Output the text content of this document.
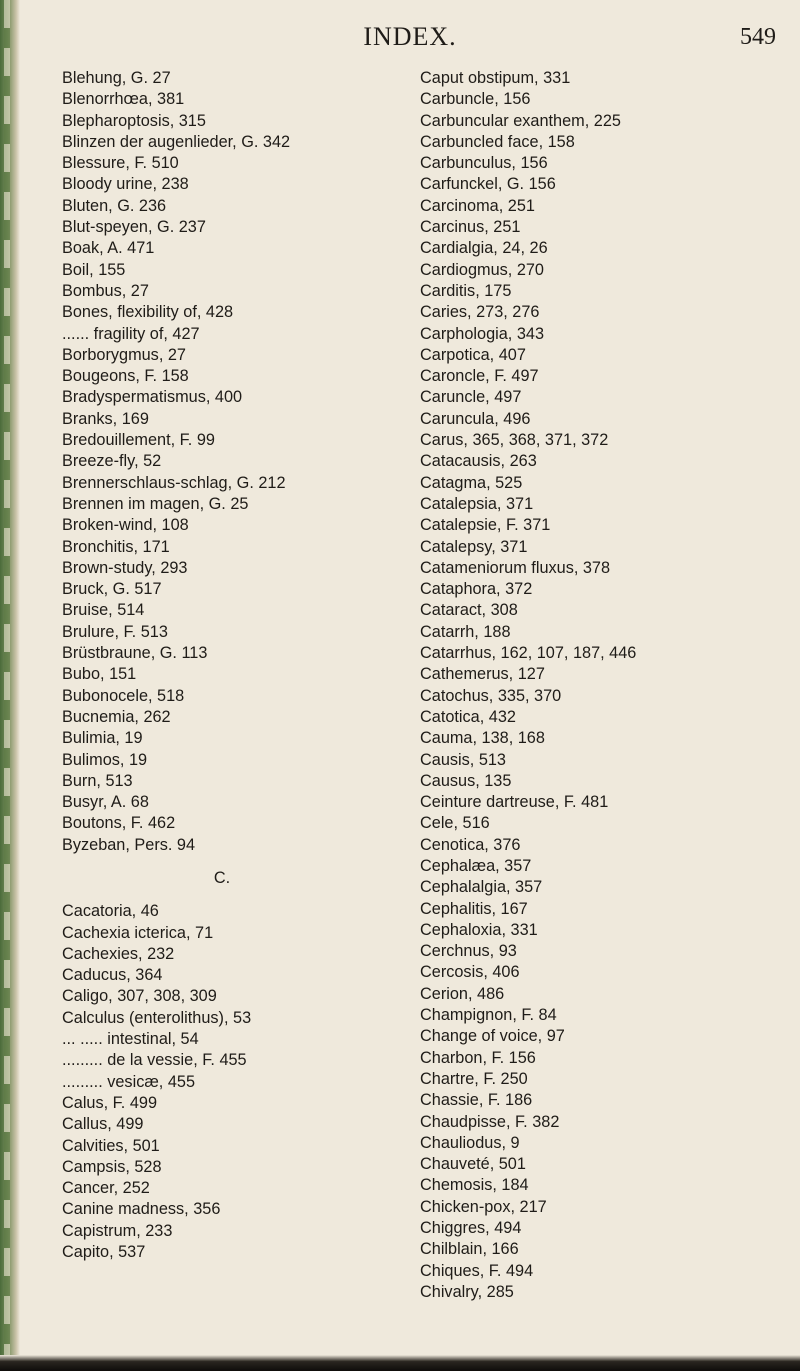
INDEX.	549
Blehung, G. 27
Blenorrhœa, 381
Blepharoptosis, 315
Blinzen der augenlieder, G. 342
Blessure, F. 510
Bloody urine, 238
Bluten, G. 236
Blut-speyen, G. 237
Boak, A. 471
Boil, 155
Bombus, 27
Bones, flexibility of, 428
...... fragility of, 427
Borborygmus, 27
Bougeons, F. 158
Bradyspermatismus, 400
Branks, 169
Bredouillement, F. 99
Breeze-fly, 52
Brennerschlaus-schlag, G. 212
Brennen im magen, G. 25
Broken-wind, 108
Bronchitis, 171
Brown-study, 293
Bruck, G. 517
Bruise, 514
Brulure, F. 513
Brüstbraune, G. 113
Bubo, 151
Bubonocele, 518
Bucnemia, 262
Bulimia, 19
Bulimos, 19
Burn, 513
Busyr, A. 68
Boutons, F. 462
Byzeban, Pers. 94
C.
Cacatoria, 46
Cachexia icterica, 71
Cachexies, 232
Caducus, 364
Caligo, 307, 308, 309
Calculus (enterolithus), 53
... ..... intestinal, 54
......... de la vessie, F. 455
......... vesicæ, 455
Calus, F. 499
Callus, 499
Calvities, 501
Campsis, 528
Cancer, 252
Canine madness, 356
Capistrum, 233
Capito, 537
Caput obstipum, 331
Carbuncle, 156
Carbuncular exanthem, 225
Carbuncled face, 158
Carbunculus, 156
Carfunckel, G. 156
Carcinoma, 251
Carcinus, 251
Cardialgia, 24, 26
Cardiogmus, 270
Carditis, 175
Caries, 273, 276
Carphologia, 343
Carpotica, 407
Caroncle, F. 497
Caruncle, 497
Caruncula, 496
Carus, 365, 368, 371, 372
Catacausis, 263
Catagma, 525
Catalepsia, 371
Catalepsie, F. 371
Catalepsy, 371
Catameniorum fluxus, 378
Cataphora, 372
Cataract, 308
Catarrh, 188
Catarrhus, 162, 107, 187, 446
Cathemerus, 127
Catochus, 335, 370
Catotica, 432
Cauma, 138, 168
Causis, 513
Causus, 135
Ceinture dartreuse, F. 481
Cele, 516
Cenotica, 376
Cephalæa, 357
Cephalalgia, 357
Cephalitis, 167
Cephaloxia, 331
Cerchnus, 93
Cercosis, 406
Cerion, 486
Champignon, F. 84
Change of voice, 97
Charbon, F. 156
Chartre, F. 250
Chassie, F. 186
Chaudpisse, F. 382
Chauliodus, 9
Chauveté, 501
Chemosis, 184
Chicken-pox, 217
Chiggres, 494
Chilblain, 166
Chiques, F. 494
Chivalry, 285
